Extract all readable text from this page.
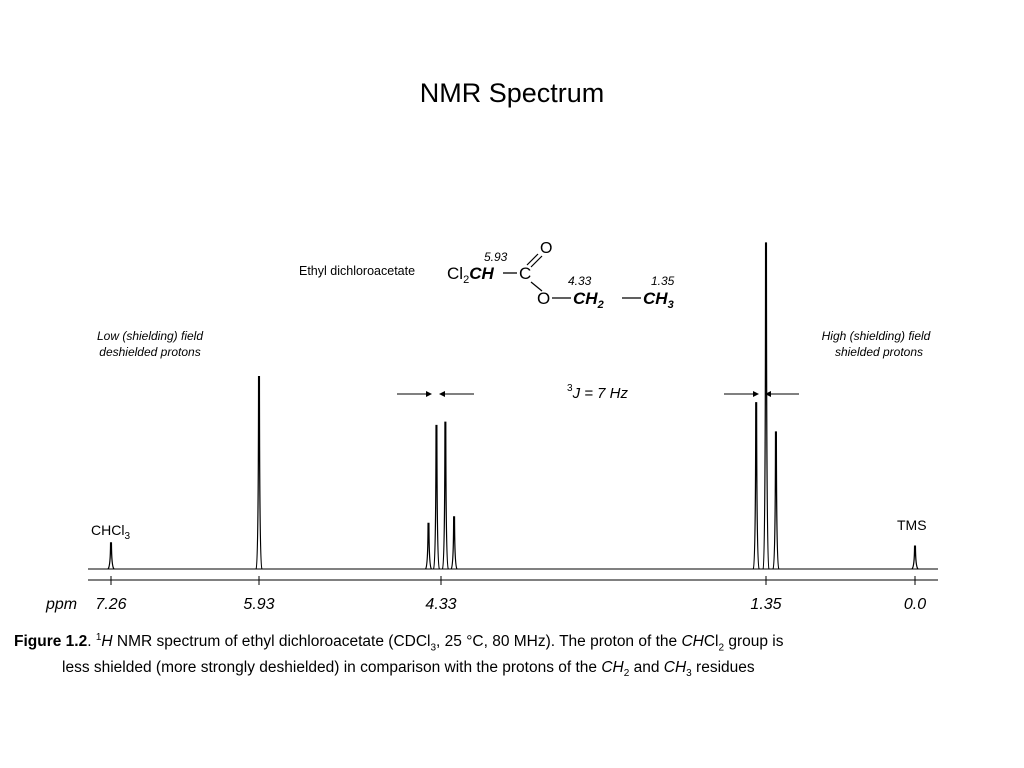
NMR Spectrum
Ethyl dichloroacetate
5.93
$Cl_2CH$ C
O
4.33	1.35
O $CH_2$ $CH_3$
Low (shielding) field
deshielded protons
High (shielding) field
shielded protons
$^3$J = 7 Hz
CHCl$_3$
TMS
7.26	5.93	4.33	1.35	0.0
ppm
Figure 1.2. $^1$H NMR spectrum of ethyl dichloroacetate (CDCl$_3$, 25 °C, 80 MHz). The proton of the CHCl$_2$ group is
less shielded (more strongly deshielded) in comparison with the protons of the $CH_2$ and $CH_3$ residues
